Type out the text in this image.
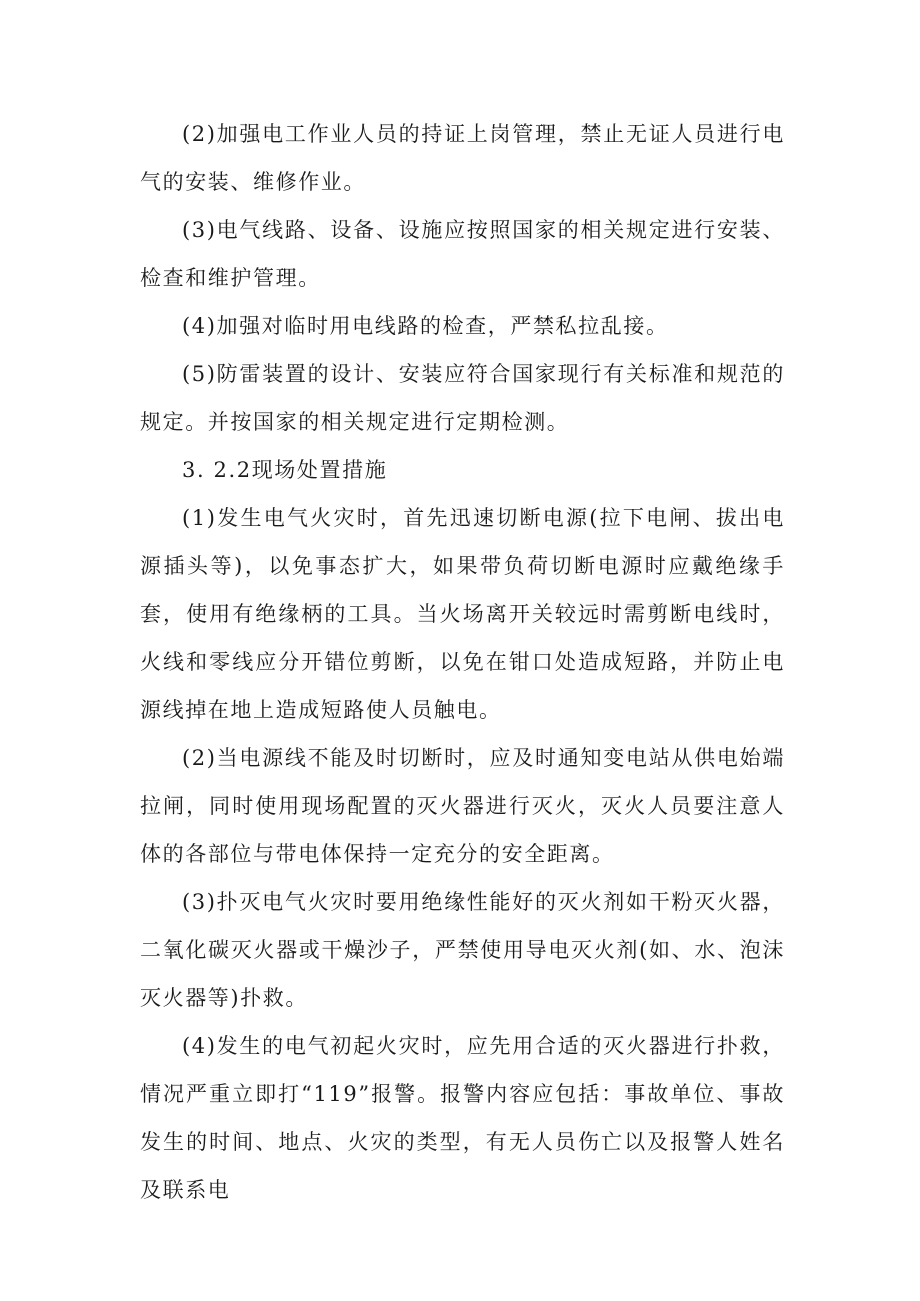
(2)加强电工作业人员的持证上岗管理，禁止无证人员进行电气的安装、维修作业。

(3)电气线路、设备、设施应按照国家的相关规定进行安装、检查和维护管理。

(4)加强对临时用电线路的检查，严禁私拉乱接。

(5)防雷装置的设计、安装应符合国家现行有关标准和规范的规定。并按国家的相关规定进行定期检测。

3. 2.2现场处置措施

(1)发生电气火灾时，首先迅速切断电源(拉下电闸、拔出电源插头等)，以免事态扩大，如果带负荷切断电源时应戴绝缘手套，使用有绝缘柄的工具。当火场离开关较远时需剪断电线时，火线和零线应分开错位剪断，以免在钳口处造成短路，并防止电源线掉在地上造成短路使人员触电。

(2)当电源线不能及时切断时，应及时通知变电站从供电始端拉闸，同时使用现场配置的灭火器进行灭火，灭火人员要注意人体的各部位与带电体保持一定充分的安全距离。

(3)扑灭电气火灾时要用绝缘性能好的灭火剂如干粉灭火器，二氧化碳灭火器或干燥沙子，严禁使用导电灭火剂(如、水、泡沫灭火器等)扑救。

(4)发生的电气初起火灾时，应先用合适的灭火器进行扑救，情况严重立即打“119”报警。报警内容应包括：事故单位、事故发生的时间、地点、火灾的类型，有无人员伤亡以及报警人姓名及联系电
